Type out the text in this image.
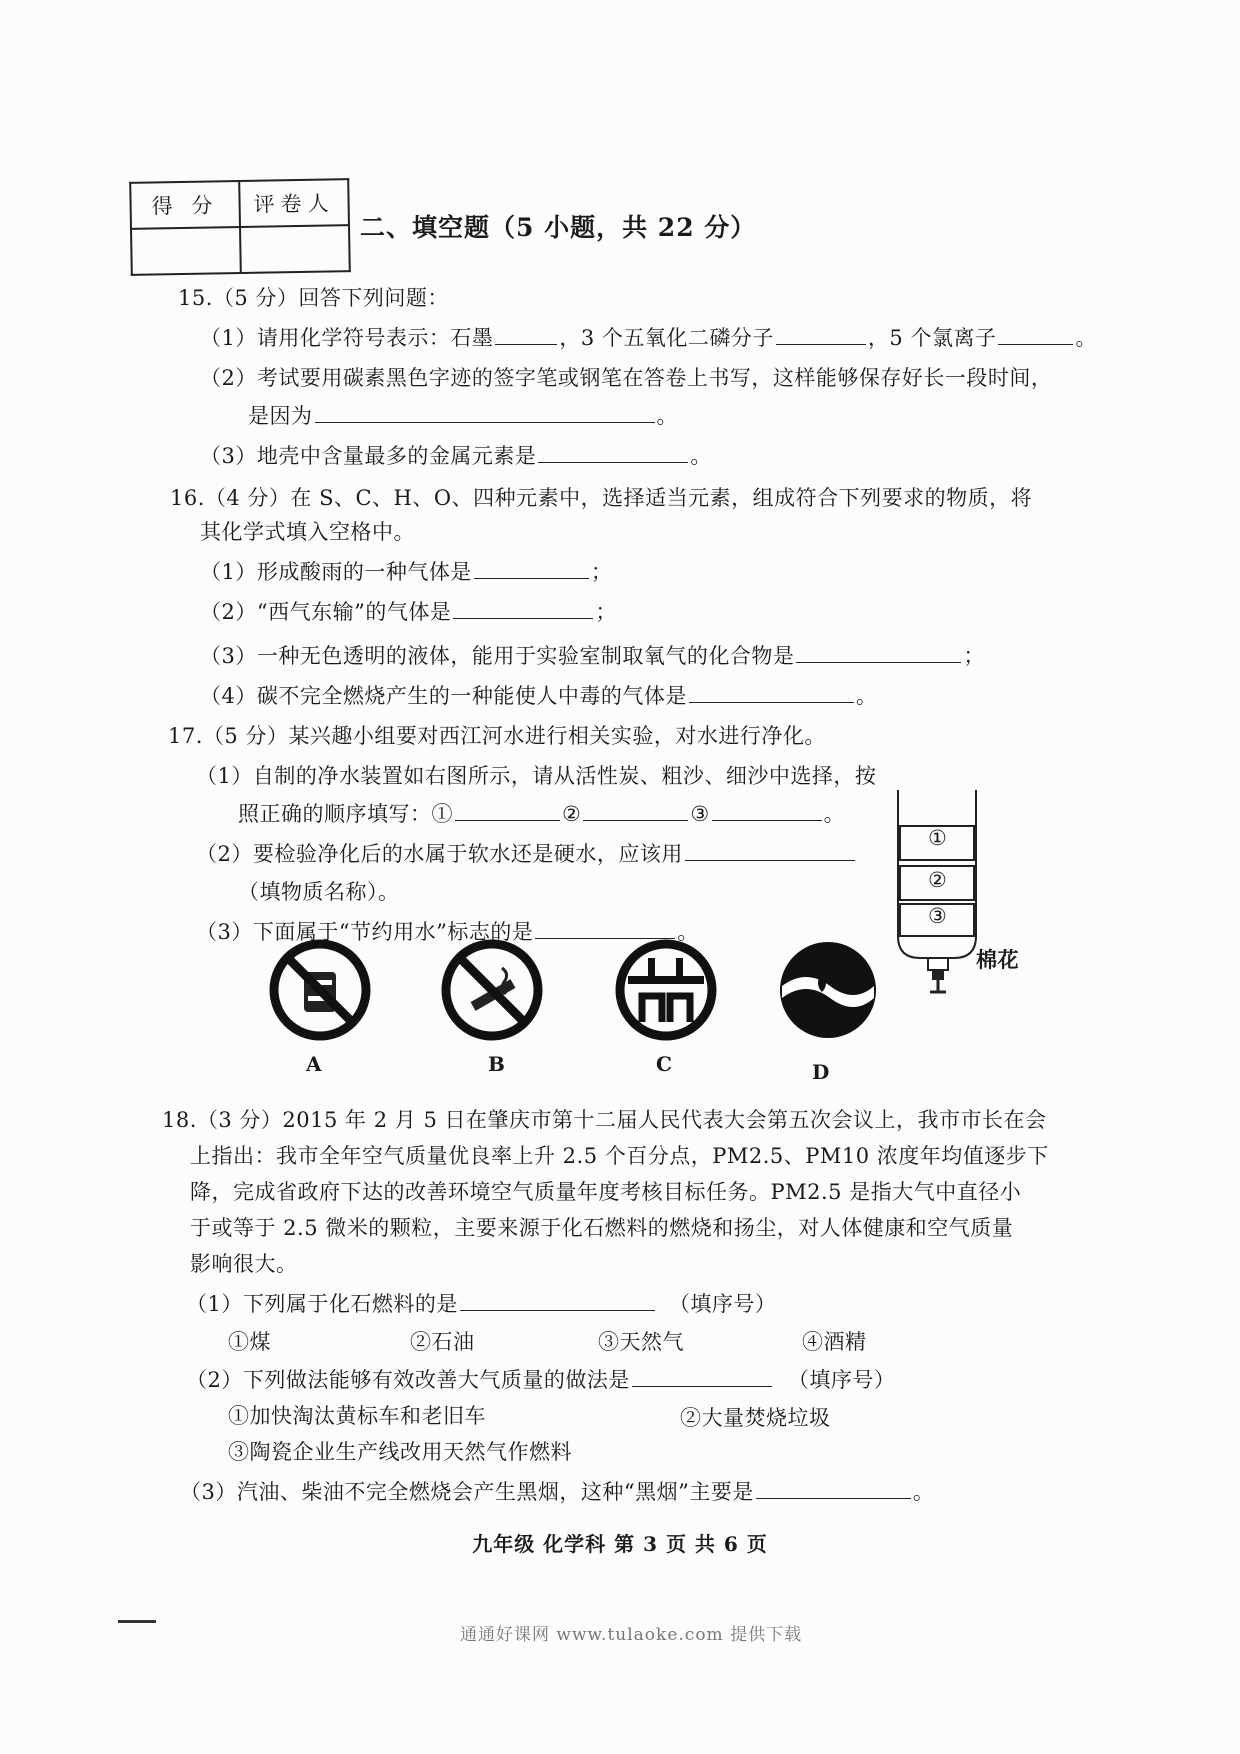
得 分	评卷人

二、填空题（5 小题，共 22 分）
15.（5 分）回答下列问题：
（1）请用化学符号表示：石墨	，3 个五氧化二磷分子	，5 个氯离子	。
（2）考试要用碳素黑色字迹的签字笔或钢笔在答卷上书写，这样能够保存好长一段时间，
是因为	。
（3）地壳中含量最多的金属元素是	。
16.（4 分）在 S、C、H、O、四种元素中，选择适当元素，组成符合下列要求的物质，将
其化学式填入空格中。
（1）形成酸雨的一种气体是	；
（2）“西气东输”的气体是	；
（3）一种无色透明的液体，能用于实验室制取氧气的化合物是	；
（4）碳不完全燃烧产生的一种能使人中毒的气体是	。
17.（5 分）某兴趣小组要对西江河水进行相关实验，对水进行净化。
（1）自制的净水装置如右图所示，请从活性炭、粗沙、细沙中选择，按
照正确的顺序填写：①	②	③	。
（2）要检验净化后的水属于软水还是硬水，应该用
（填物质名称）。
（3）下面属于“节约用水”标志的是	。
①
②
③
棉花
A	B	C	D
18.（3 分）2015 年 2 月 5 日在肇庆市第十二届人民代表大会第五次会议上，我市市长在会
上指出：我市全年空气质量优良率上升 2.5 个百分点，PM2.5、PM10 浓度年均值逐步下
降，完成省政府下达的改善环境空气质量年度考核目标任务。PM2.5 是指大气中直径小
于或等于 2.5 微米的颗粒，主要来源于化石燃料的燃烧和扬尘，对人体健康和空气质量
影响很大。
（1）下列属于化石燃料的是	（填序号）
①煤	②石油	③天然气	④酒精
（2）下列做法能够有效改善大气质量的做法是	（填序号）
①加快淘汰黄标车和老旧车	②大量焚烧垃圾
③陶瓷企业生产线改用天然气作燃料
（3）汽油、柴油不完全燃烧会产生黑烟，这种“黑烟”主要是	。
九年级 化学科 第 3 页 共 6 页
通通好课网 www.tulaoke.com 提供下载
